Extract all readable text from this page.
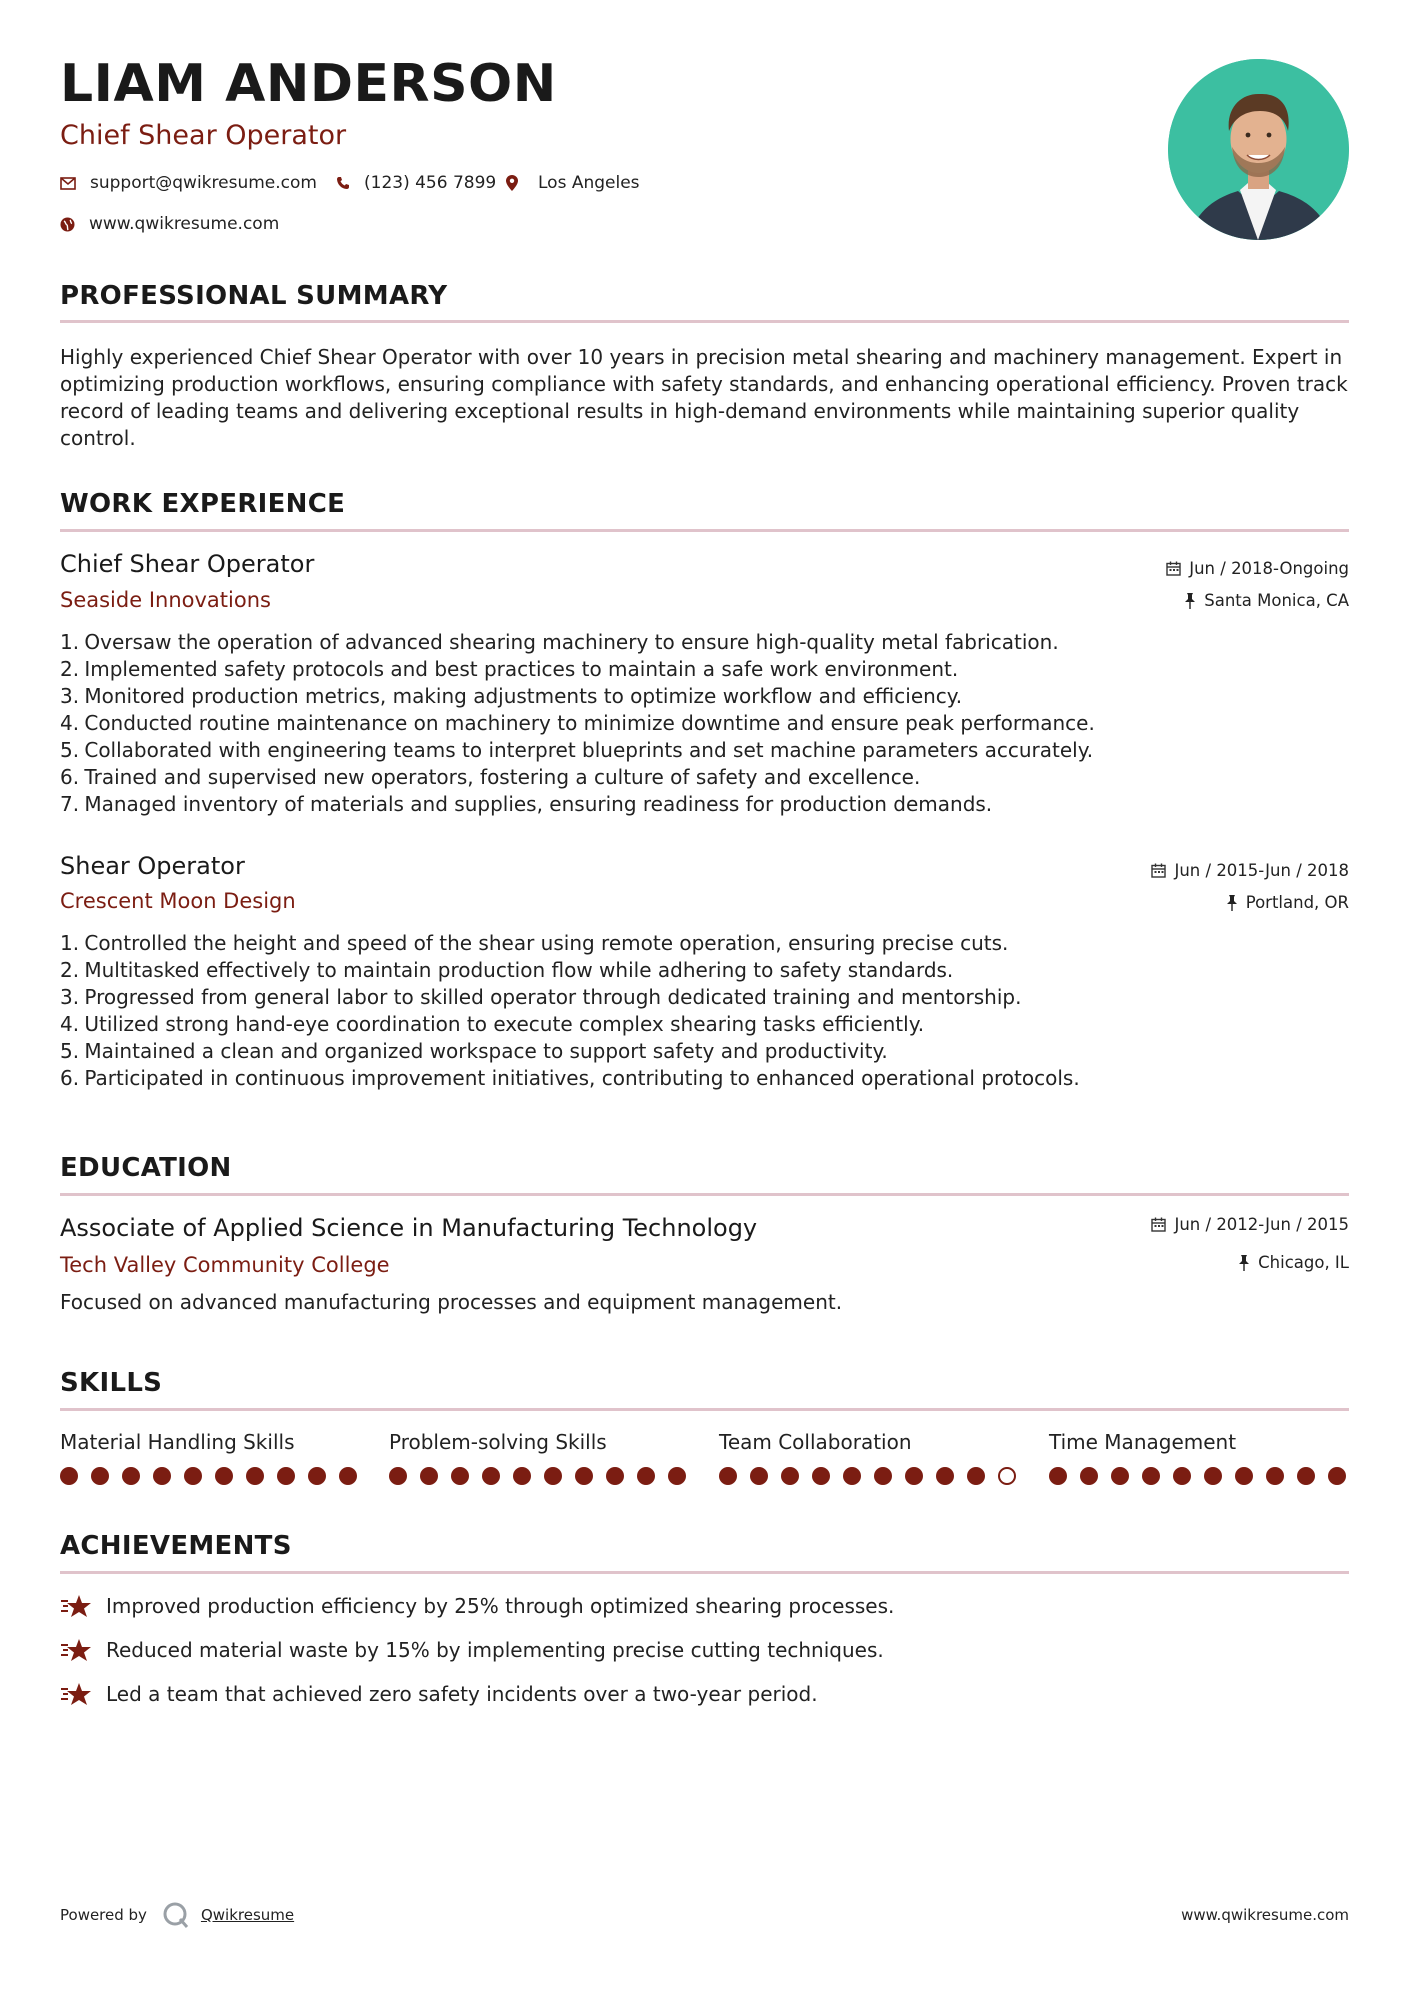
LIAM ANDERSON
Chief Shear Operator
support@qwikresume.com	(123) 456 7899 Los Angeles
www.qwikresume.com
PROFESSIONAL SUMMARY
Highly experienced Chief Shear Operator with over 10 years in precision metal shearing and machinery management. Expert in optimizing production workflows, ensuring compliance with safety standards, and enhancing operational efficiency. Proven track record of leading teams and delivering exceptional results in high-demand environments while maintaining superior quality control.
WORK EXPERIENCE
Chief Shear Operator
Seaside Innovations
Jun / 2018-Ongoing
Santa Monica, CA
1. Oversaw the operation of advanced shearing machinery to ensure high-quality metal fabrication.
2. Implemented safety protocols and best practices to maintain a safe work environment.
3. Monitored production metrics, making adjustments to optimize workflow and efficiency.
4. Conducted routine maintenance on machinery to minimize downtime and ensure peak performance.
5. Collaborated with engineering teams to interpret blueprints and set machine parameters accurately.
6. Trained and supervised new operators, fostering a culture of safety and excellence.
7. Managed inventory of materials and supplies, ensuring readiness for production demands.
Shear Operator
Crescent Moon Design
Jun / 2015-Jun / 2018
Portland, OR
1. Controlled the height and speed of the shear using remote operation, ensuring precise cuts.
2. Multitasked effectively to maintain production flow while adhering to safety standards.
3. Progressed from general labor to skilled operator through dedicated training and mentorship.
4. Utilized strong hand-eye coordination to execute complex shearing tasks efficiently.
5. Maintained a clean and organized workspace to support safety and productivity.
6. Participated in continuous improvement initiatives, contributing to enhanced operational protocols.
EDUCATION
Associate of Applied Science in Manufacturing Technology
Tech Valley Community College
Jun / 2012-Jun / 2015
Chicago, IL
Focused on advanced manufacturing processes and equipment management.
SKILLS
Material Handling Skills	Problem-solving Skills	Team Collaboration	Time Management
ACHIEVEMENTS
Improved production efficiency by 25% through optimized shearing processes.
Reduced material waste by 15% by implementing precise cutting techniques.
Led a team that achieved zero safety incidents over a two-year period.
Powered by	Qwikresume	www.qwikresume.com
